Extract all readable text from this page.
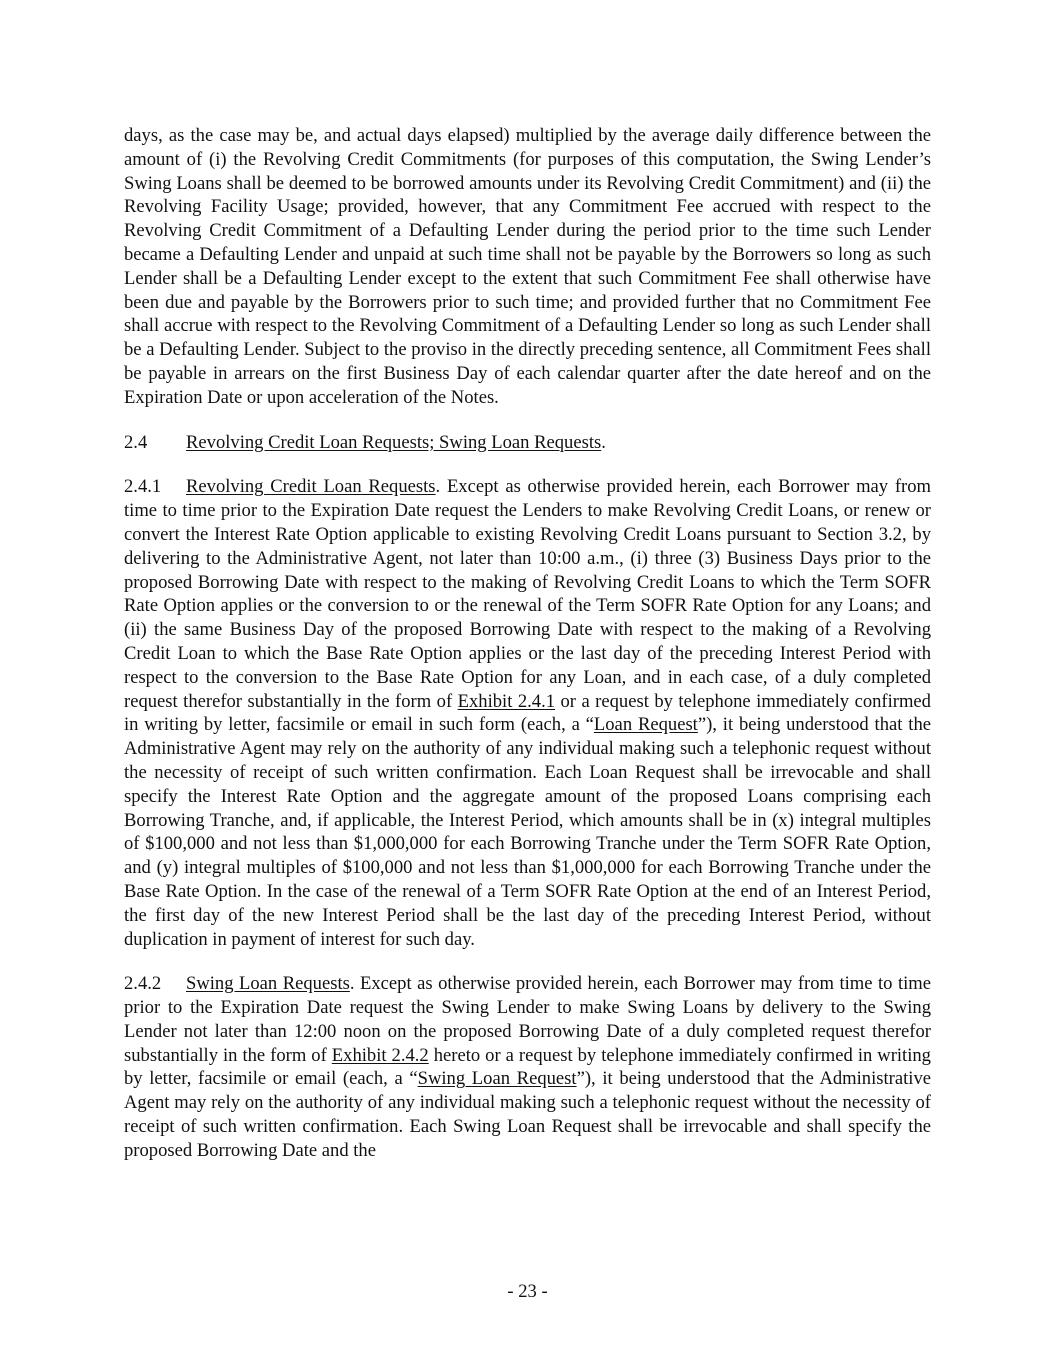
days, as the case may be, and actual days elapsed) multiplied by the average daily difference between the amount of (i) the Revolving Credit Commitments (for purposes of this computation, the Swing Lender’s Swing Loans shall be deemed to be borrowed amounts under its Revolving Credit Commitment) and (ii) the Revolving Facility Usage; provided, however, that any Commitment Fee accrued with respect to the Revolving Credit Commitment of a Defaulting Lender during the period prior to the time such Lender became a Defaulting Lender and unpaid at such time shall not be payable by the Borrowers so long as such Lender shall be a Defaulting Lender except to the extent that such Commitment Fee shall otherwise have been due and payable by the Borrowers prior to such time; and provided further that no Commitment Fee shall accrue with respect to the Revolving Commitment of a Defaulting Lender so long as such Lender shall be a Defaulting Lender. Subject to the proviso in the directly preceding sentence, all Commitment Fees shall be payable in arrears on the first Business Day of each calendar quarter after the date hereof and on the Expiration Date or upon acceleration of the Notes.

2.4 Revolving Credit Loan Requests; Swing Loan Requests.

2.4.1 Revolving Credit Loan Requests. Except as otherwise provided herein, each Borrower may from time to time prior to the Expiration Date request the Lenders to make Revolving Credit Loans, or renew or convert the Interest Rate Option applicable to existing Revolving Credit Loans pursuant to Section 3.2, by delivering to the Administrative Agent, not later than 10:00 a.m., (i) three (3) Business Days prior to the proposed Borrowing Date with respect to the making of Revolving Credit Loans to which the Term SOFR Rate Option applies or the conversion to or the renewal of the Term SOFR Rate Option for any Loans; and (ii) the same Business Day of the proposed Borrowing Date with respect to the making of a Revolving Credit Loan to which the Base Rate Option applies or the last day of the preceding Interest Period with respect to the conversion to the Base Rate Option for any Loan, and in each case, of a duly completed request therefor substantially in the form of Exhibit 2.4.1 or a request by telephone immediately confirmed in writing by letter, facsimile or email in such form (each, a “Loan Request”), it being understood that the Administrative Agent may rely on the authority of any individual making such a telephonic request without the necessity of receipt of such written confirmation. Each Loan Request shall be irrevocable and shall specify the Interest Rate Option and the aggregate amount of the proposed Loans comprising each Borrowing Tranche, and, if applicable, the Interest Period, which amounts shall be in (x) integral multiples of $100,000 and not less than $1,000,000 for each Borrowing Tranche under the Term SOFR Rate Option, and (y) integral multiples of $100,000 and not less than $1,000,000 for each Borrowing Tranche under the Base Rate Option. In the case of the renewal of a Term SOFR Rate Option at the end of an Interest Period, the first day of the new Interest Period shall be the last day of the preceding Interest Period, without duplication in payment of interest for such day.

2.4.2 Swing Loan Requests. Except as otherwise provided herein, each Borrower may from time to time prior to the Expiration Date request the Swing Lender to make Swing Loans by delivery to the Swing Lender not later than 12:00 noon on the proposed Borrowing Date of a duly completed request therefor substantially in the form of Exhibit 2.4.2 hereto or a request by telephone immediately confirmed in writing by letter, facsimile or email (each, a “Swing Loan Request”), it being understood that the Administrative Agent may rely on the authority of any individual making such a telephonic request without the necessity of receipt of such written confirmation. Each Swing Loan Request shall be irrevocable and shall specify the proposed Borrowing Date and the

- 23 -
